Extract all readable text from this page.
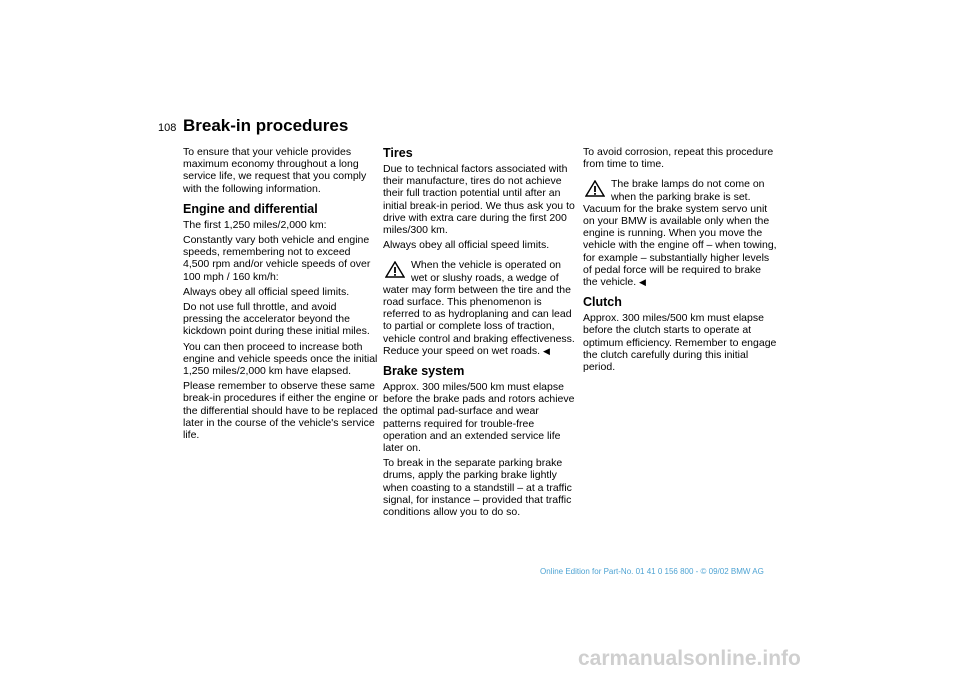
108 Break-in procedures

To ensure that your vehicle provides maximum economy throughout a long service life, we request that you comply with the following information.

Engine and differential

The first 1,250 miles/2,000 km:

Constantly vary both vehicle and engine speeds, remembering not to exceed 4,500 rpm and/or vehicle speeds of over 100 mph / 160 km/h:

Always obey all official speed limits.

Do not use full throttle, and avoid pressing the accelerator beyond the kickdown point during these initial miles.

You can then proceed to increase both engine and vehicle speeds once the initial 1,250 miles/2,000 km have elapsed.

Please remember to observe these same break-in procedures if either the engine or the differential should have to be replaced later in the course of the vehicle's service life.

Tires

Due to technical factors associated with their manufacture, tires do not achieve their full traction potential until after an initial break-in period. We thus ask you to drive with extra care during the first 200 miles/300 km.

Always obey all official speed limits.

When the vehicle is operated on wet or slushy roads, a wedge of water may form between the tire and the road surface. This phenomenon is referred to as hydroplaning and can lead to partial or complete loss of traction, vehicle control and braking effectiveness. Reduce your speed on wet roads. ◀
Brake system

Approx. 300 miles/500 km must elapse before the brake pads and rotors achieve the optimal pad-surface and wear patterns required for trouble-free operation and an extended service life later on.

To break in the separate parking brake drums, apply the parking brake lightly when coasting to a standstill – at a traffic signal, for instance – provided that traffic conditions allow you to do so.

To avoid corrosion, repeat this procedure from time to time.

The brake lamps do not come on when the parking brake is set. Vacuum for the brake system servo unit on your BMW is available only when the engine is running. When you move the vehicle with the engine off – when towing, for example – substantially higher levels of pedal force will be required to brake the vehicle. ◀
Clutch

Approx. 300 miles/500 km must elapse before the clutch starts to operate at optimum efficiency. Remember to engage the clutch carefully during this initial period.

Online Edition for Part-No. 01 41 0 156 800 - © 09/02 BMW AG
carmanualsonline.info
